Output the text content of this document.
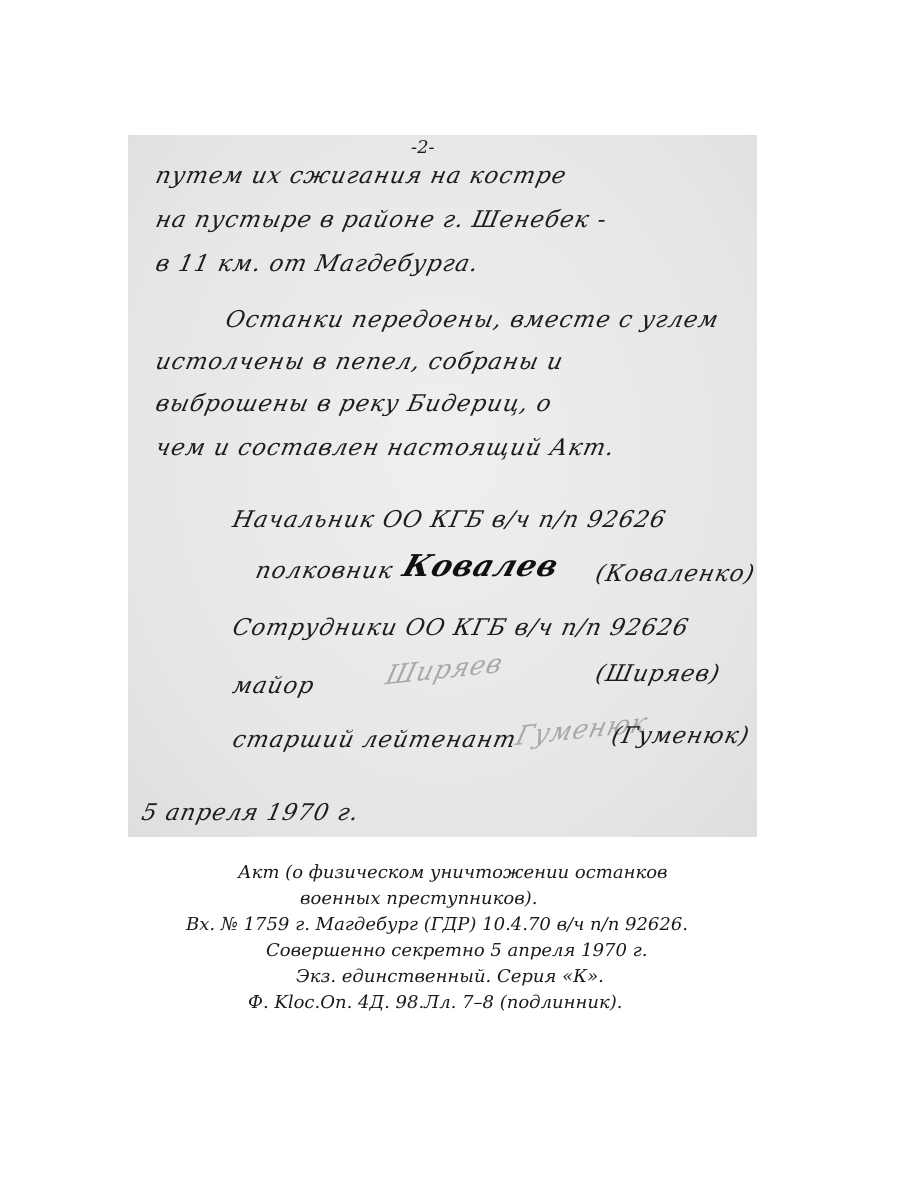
-2-
путем их сжигания на костре
на пустыре в районе г. Шенебек -
в 11 км. от Магдебурга.
Останки передоены, вместе с углем
истолчены в пепел, собраны и
выброшены в реку Бидериц, о
чем и составлен настоящий Акт.
Начальник ОО КГБ в/ч п/п 92626
полковник Ковалев (Коваленко)
Сотрудники ОО КГБ в/ч п/п 92626
майор	Ширяев	(Ширяев)
старший лейтенант
Гуменюк
(Гуменюк)
5 апреля 1970 г.
Акт (о физическом уничтожении останков
военных преступников).
Вх. № 1759 г. Магдебург (ГДР) 10.4.70 в/ч п/п 92626.
Совершенно секретно 5 апреля 1970 г.
Экз. единственный. Серия «К».
Ф. Kloc.Оп. 4Д. 98.Лл. 7–8 (подлинник).
